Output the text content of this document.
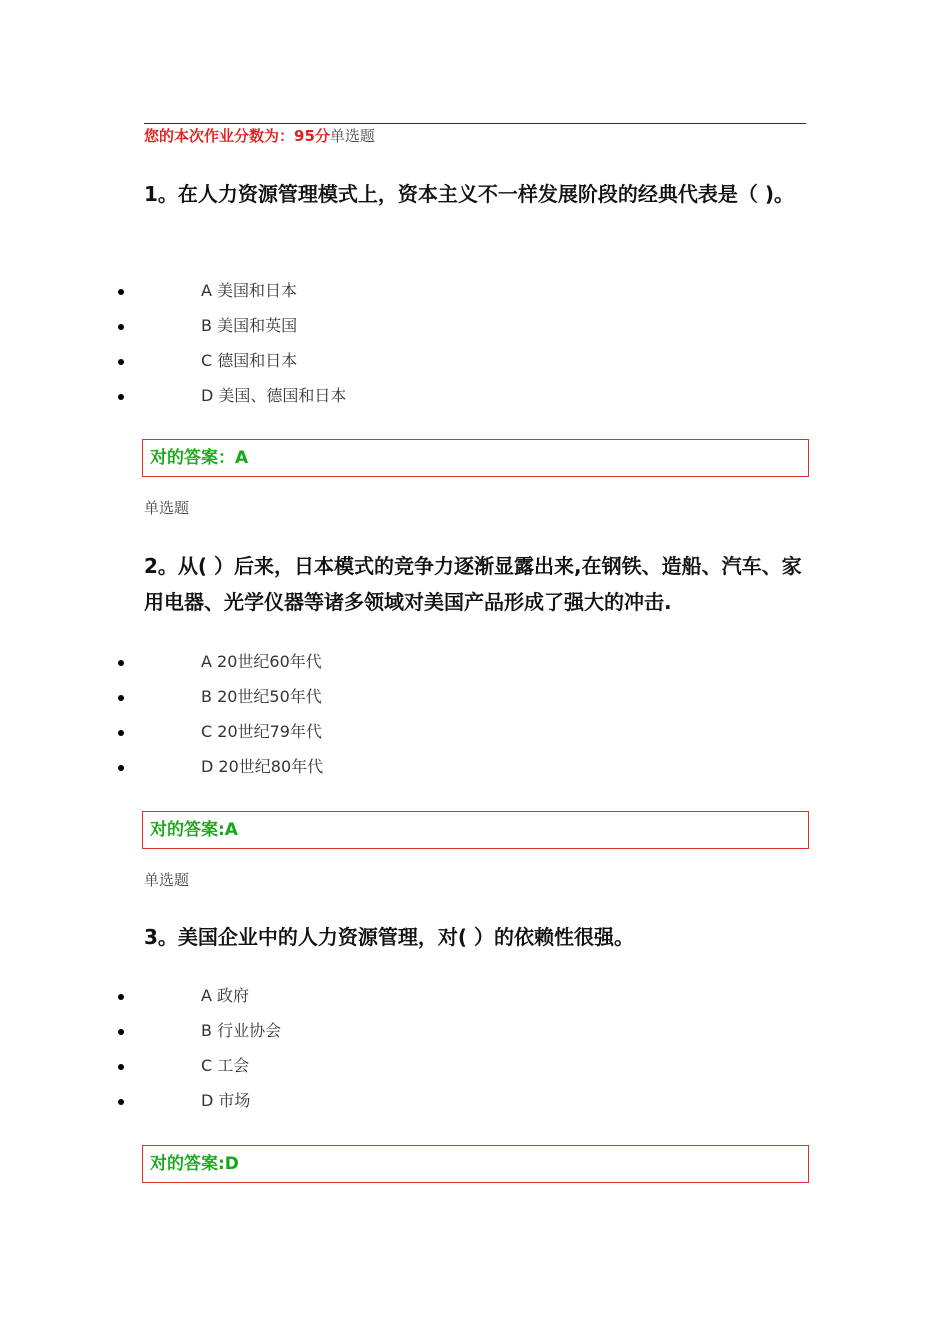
您的本次作业分数为：95分单选题
1。在人力资源管理模式上，资本主义不一样发展阶段的经典代表是（ )。
A 美国和日本
B 美国和英国
C 德国和日本
D 美国、德国和日本
对的答案：A
单选题
2。从( ）后来，日本模式的竞争力逐渐显露出来,在钢铁、造船、汽车、家用电器、光学仪器等诸多领域对美国产品形成了强大的冲击.
A 20世纪60年代
B 20世纪50年代
C 20世纪79年代
D 20世纪80年代
对的答案:A
单选题
3。美国企业中的人力资源管理，对( ）的依赖性很强。
A 政府
B 行业协会
C 工会
D 市场
对的答案:D
